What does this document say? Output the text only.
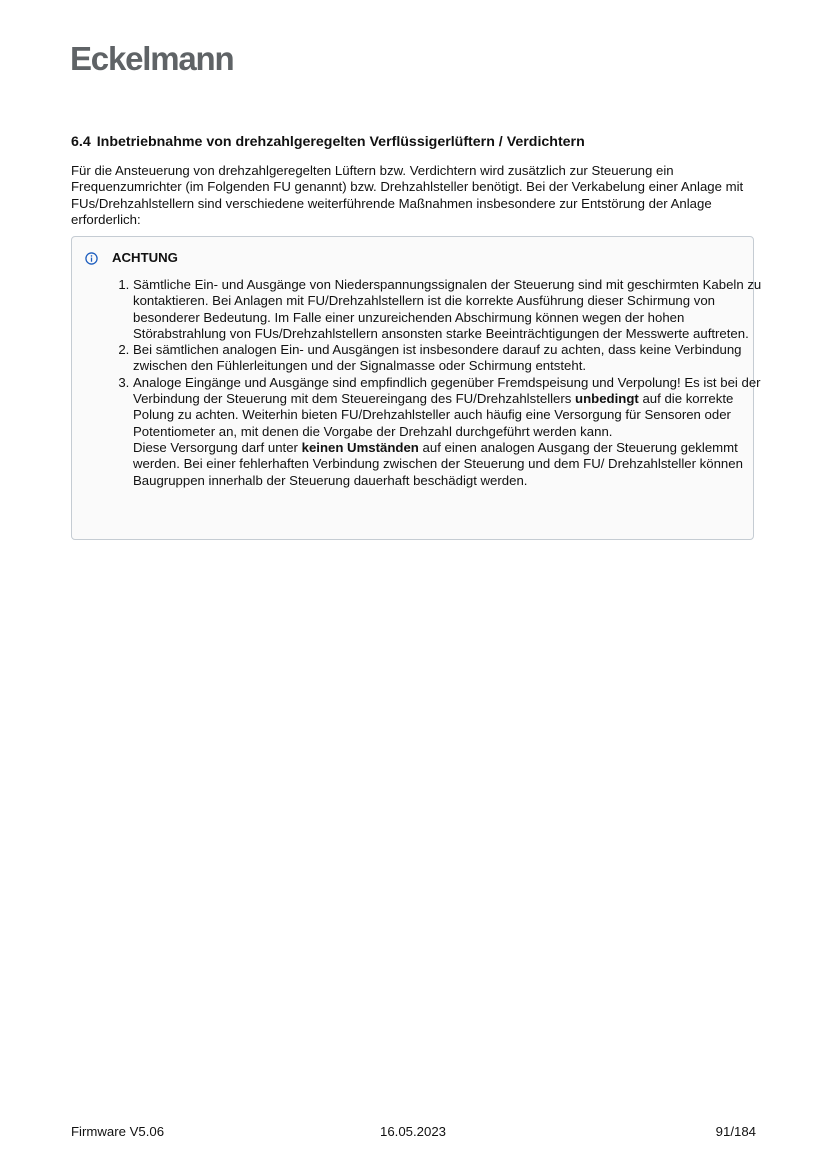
Eckelmann
6.4 Inbetriebnahme von drehzahlgeregelten Verflüssigerlüftern / Verdichtern
Für die Ansteuerung von drehzahlgeregelten Lüftern bzw. Verdichtern wird zusätzlich zur Steuerung ein Frequenzumrichter (im Folgenden FU genannt) bzw. Drehzahlsteller benötigt. Bei der Verkabelung einer Anlage mit FUs/Drehzahlstellern sind verschiedene weiterführende Maßnahmen insbesondere zur Entstörung der Anlage erforderlich:
ACHTUNG
1. Sämtliche Ein- und Ausgänge von Niederspannungssignalen der Steuerung sind mit geschirmten Kabeln zu kontaktieren. Bei Anlagen mit FU/Drehzahlstellern ist die korrekte Ausführung dieser Schirmung von besonderer Bedeutung. Im Falle einer unzureichenden Abschirmung können wegen der hohen Störabstrahlung von FUs/Drehzahlstellern ansonsten starke Beeinträchtigungen der Messwerte auftreten.
2. Bei sämtlichen analogen Ein- und Ausgängen ist insbesondere darauf zu achten, dass keine Verbindung zwischen den Fühlerleitungen und der Signalmasse oder Schirmung entsteht.
3. Analoge Eingänge und Ausgänge sind empfindlich gegenüber Fremdspeisung und Verpolung! Es ist bei der Verbindung der Steuerung mit dem Steuereingang des FU/Drehzahlstellers unbedingt auf die korrekte Polung zu achten. Weiterhin bieten FU/Drehzahlsteller auch häufig eine Versorgung für Sensoren oder Potentiometer an, mit denen die Vorgabe der Drehzahl durchgeführt werden kann.
Diese Versorgung darf unter keinen Umständen auf einen analogen Ausgang der Steuerung geklemmt werden. Bei einer fehlerhaften Verbindung zwischen der Steuerung und dem FU/ Drehzahlsteller können Baugruppen innerhalb der Steuerung dauerhaft beschädigt werden.
Firmware V5.06	16.05.2023	91/184
